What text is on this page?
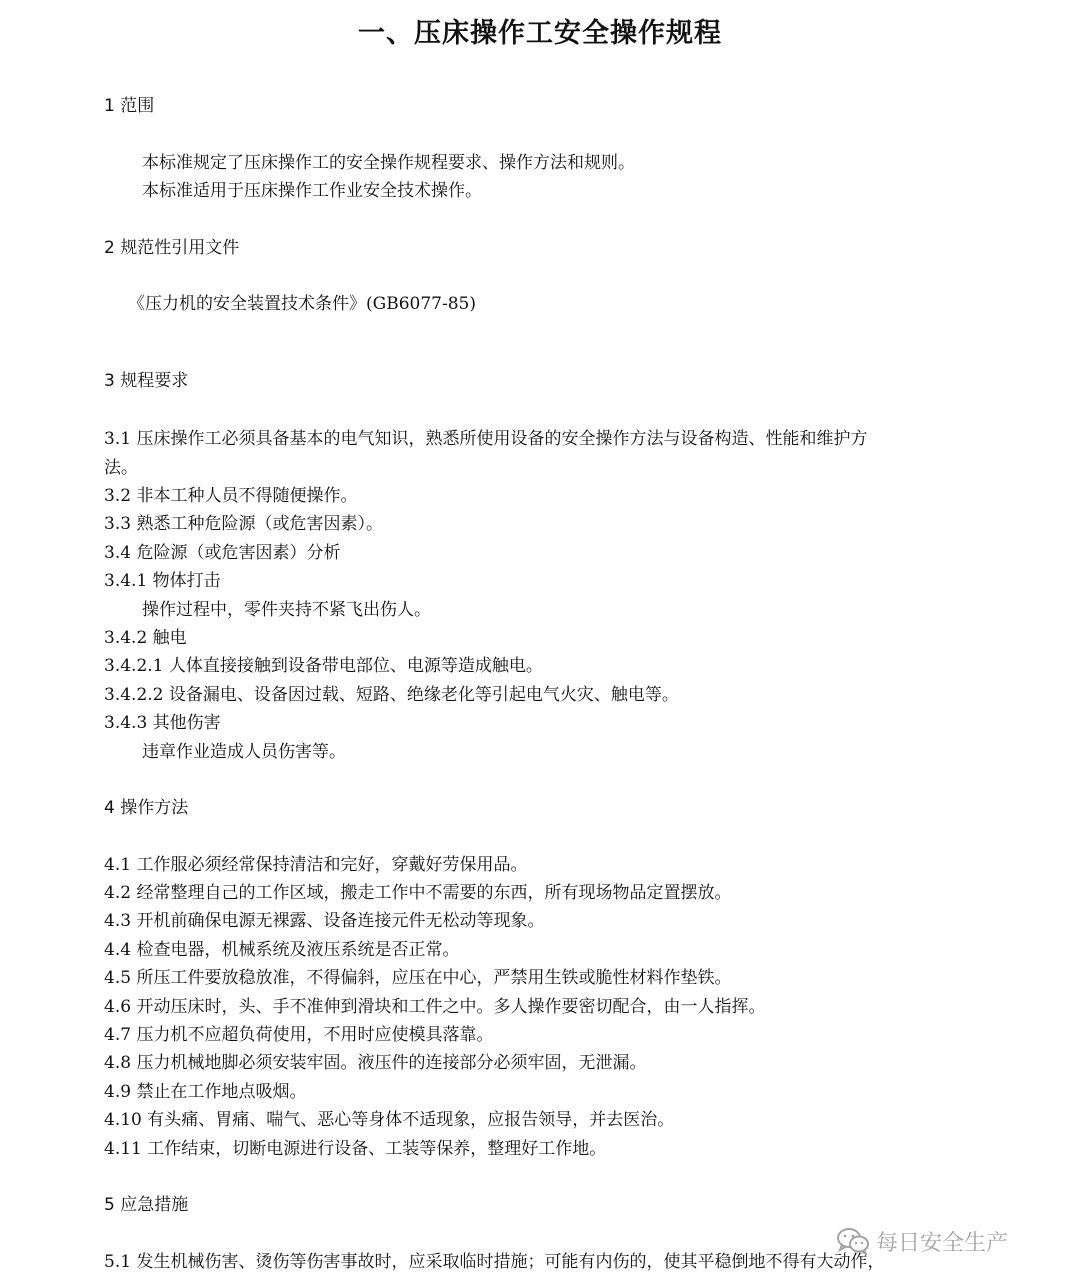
一、压床操作工安全操作规程

1 范围

本标准规定了压床操作工的安全操作规程要求、操作方法和规则。

本标准适用于压床操作工作业安全技术操作。

2 规范性引用文件

《压力机的安全装置技术条件》(GB6077-85)

3 规程要求

3.1 压床操作工必须具备基本的电气知识，熟悉所使用设备的安全操作方法与设备构造、性能和维护方

法。

3.2 非本工种人员不得随便操作。

3.3 熟悉工种危险源（或危害因素）。

3.4 危险源（或危害因素）分析

3.4.1 物体打击

操作过程中，零件夹持不紧飞出伤人。

3.4.2 触电

3.4.2.1 人体直接接触到设备带电部位、电源等造成触电。

3.4.2.2 设备漏电、设备因过载、短路、绝缘老化等引起电气火灾、触电等。

3.4.3 其他伤害

违章作业造成人员伤害等。

4 操作方法

4.1 工作服必须经常保持清洁和完好，穿戴好劳保用品。

4.2 经常整理自己的工作区域，搬走工作中不需要的东西，所有现场物品定置摆放。

4.3 开机前确保电源无裸露、设备连接元件无松动等现象。

4.4 检查电器，机械系统及液压系统是否正常。

4.5 所压工件要放稳放准，不得偏斜，应压在中心，严禁用生铁或脆性材料作垫铁。

4.6 开动压床时，头、手不准伸到滑块和工件之中。多人操作要密切配合，由一人指挥。

4.7 压力机不应超负荷使用，不用时应使模具落靠。

4.8 压力机械地脚必须安装牢固。液压件的连接部分必须牢固，无泄漏。

4.9 禁止在工作地点吸烟。

4.10 有头痛、胃痛、喘气、恶心等身体不适现象，应报告领导，并去医治。

4.11 工作结束，切断电源进行设备、工装等保养，整理好工作地。

5 应急措施

5.1 发生机械伤害、烫伤等伤害事故时，应采取临时措施；可能有内伤的，使其平稳倒地不得有大动作，

每日安全生产
